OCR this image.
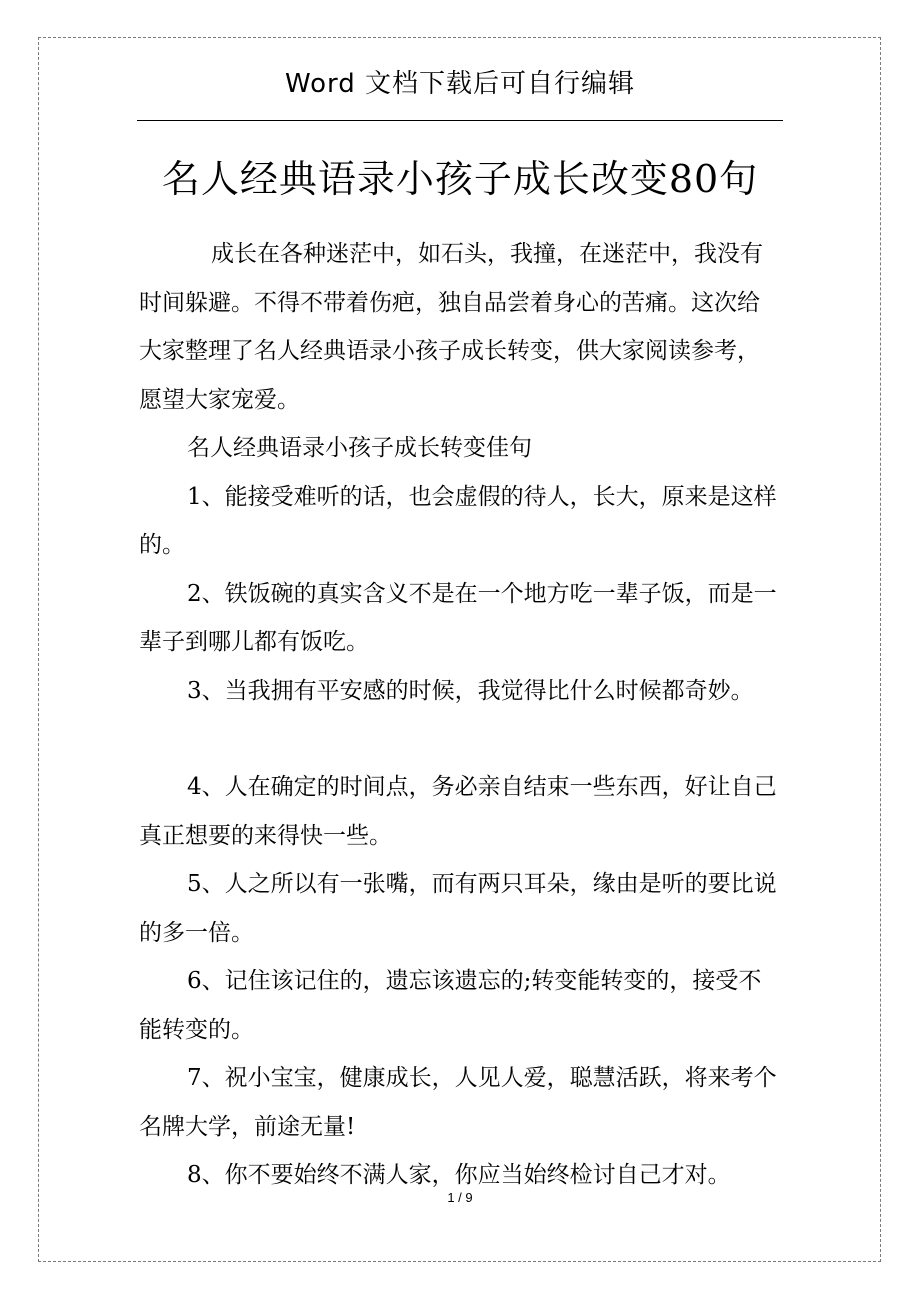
Word 文档下载后可自行编辑
名人经典语录小孩子成长改变80句

成长在各种迷茫中，如石头，我撞，在迷茫中，我没有时间躲避。不得不带着伤疤，独自品尝着身心的苦痛。这次给大家整理了名人经典语录小孩子成长转变，供大家阅读参考，愿望大家宠爱。

名人经典语录小孩子成长转变佳句

1、能接受难听的话，也会虚假的待人，长大，原来是这样的。

2、铁饭碗的真实含义不是在一个地方吃一辈子饭，而是一辈子到哪儿都有饭吃。

3、当我拥有平安感的时候，我觉得比什么时候都奇妙。

4、人在确定的时间点，务必亲自结束一些东西，好让自己真正想要的来得快一些。

5、人之所以有一张嘴，而有两只耳朵，缘由是听的要比说的多一倍。

6、记住该记住的，遗忘该遗忘的;转变能转变的，接受不能转变的。

7、祝小宝宝，健康成长，人见人爱，聪慧活跃，将来考个名牌大学，前途无量!

8、你不要始终不满人家，你应当始终检讨自己才对。

1 / 9
